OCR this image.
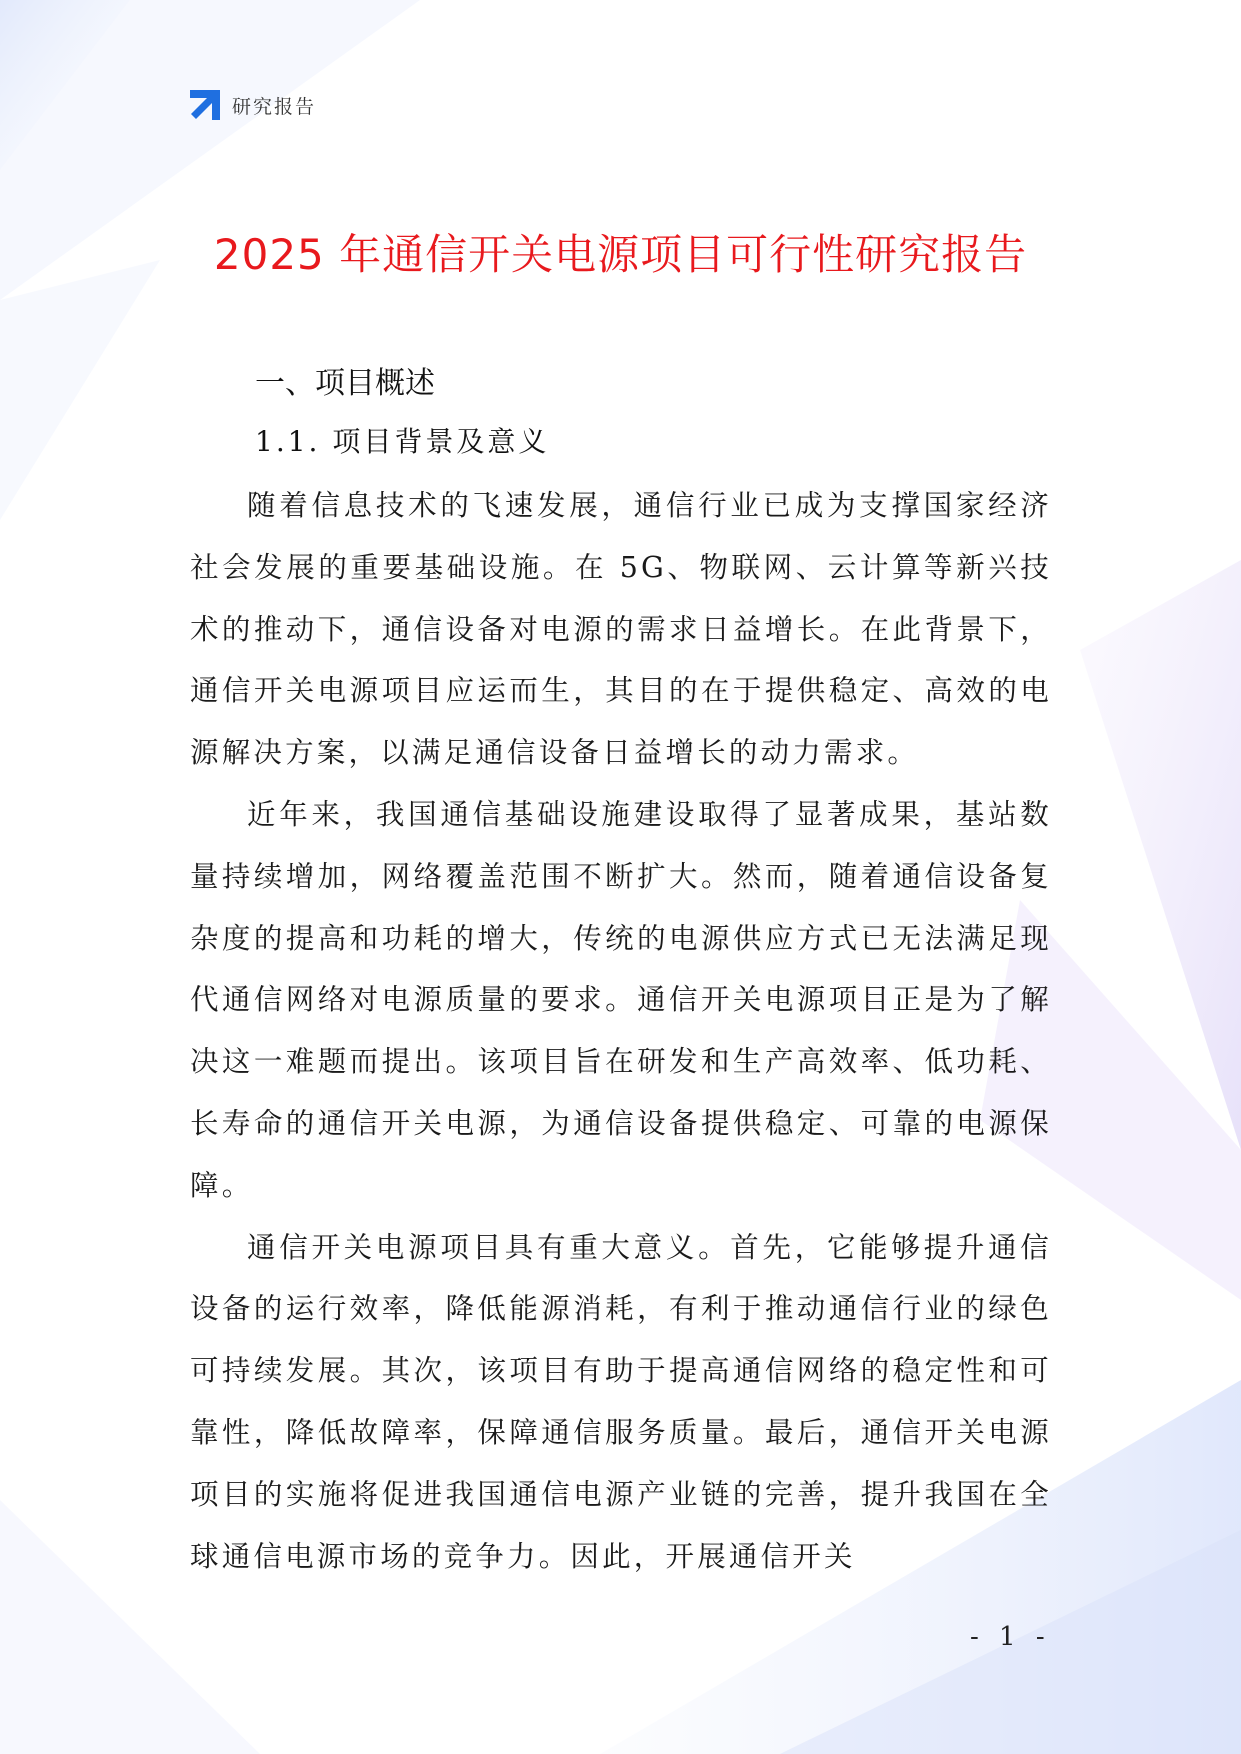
研究报告
2025 年通信开关电源项目可行性研究报告
一、项目概述
1.1. 项目背景及意义

随着信息技术的飞速发展，通信行业已成为支撑国家经济社会发展的重要基础设施。在 5G、物联网、云计算等新兴技术的推动下，通信设备对电源的需求日益增长。在此背景下，通信开关电源项目应运而生，其目的在于提供稳定、高效的电源解决方案，以满足通信设备日益增长的动力需求。

近年来，我国通信基础设施建设取得了显著成果，基站数量持续增加，网络覆盖范围不断扩大。然而，随着通信设备复杂度的提高和功耗的增大，传统的电源供应方式已无法满足现代通信网络对电源质量的要求。通信开关电源项目正是为了解决这一难题而提出。该项目旨在研发和生产高效率、低功耗、长寿命的通信开关电源，为通信设备提供稳定、可靠的电源保障。

通信开关电源项目具有重大意义。首先，它能够提升通信设备的运行效率，降低能源消耗，有利于推动通信行业的绿色可持续发展。其次，该项目有助于提高通信网络的稳定性和可靠性，降低故障率，保障通信服务质量。最后，通信开关电源项目的实施将促进我国通信电源产业链的完善，提升我国在全球通信电源市场的竞争力。因此，开展通信开关

- 1 -
